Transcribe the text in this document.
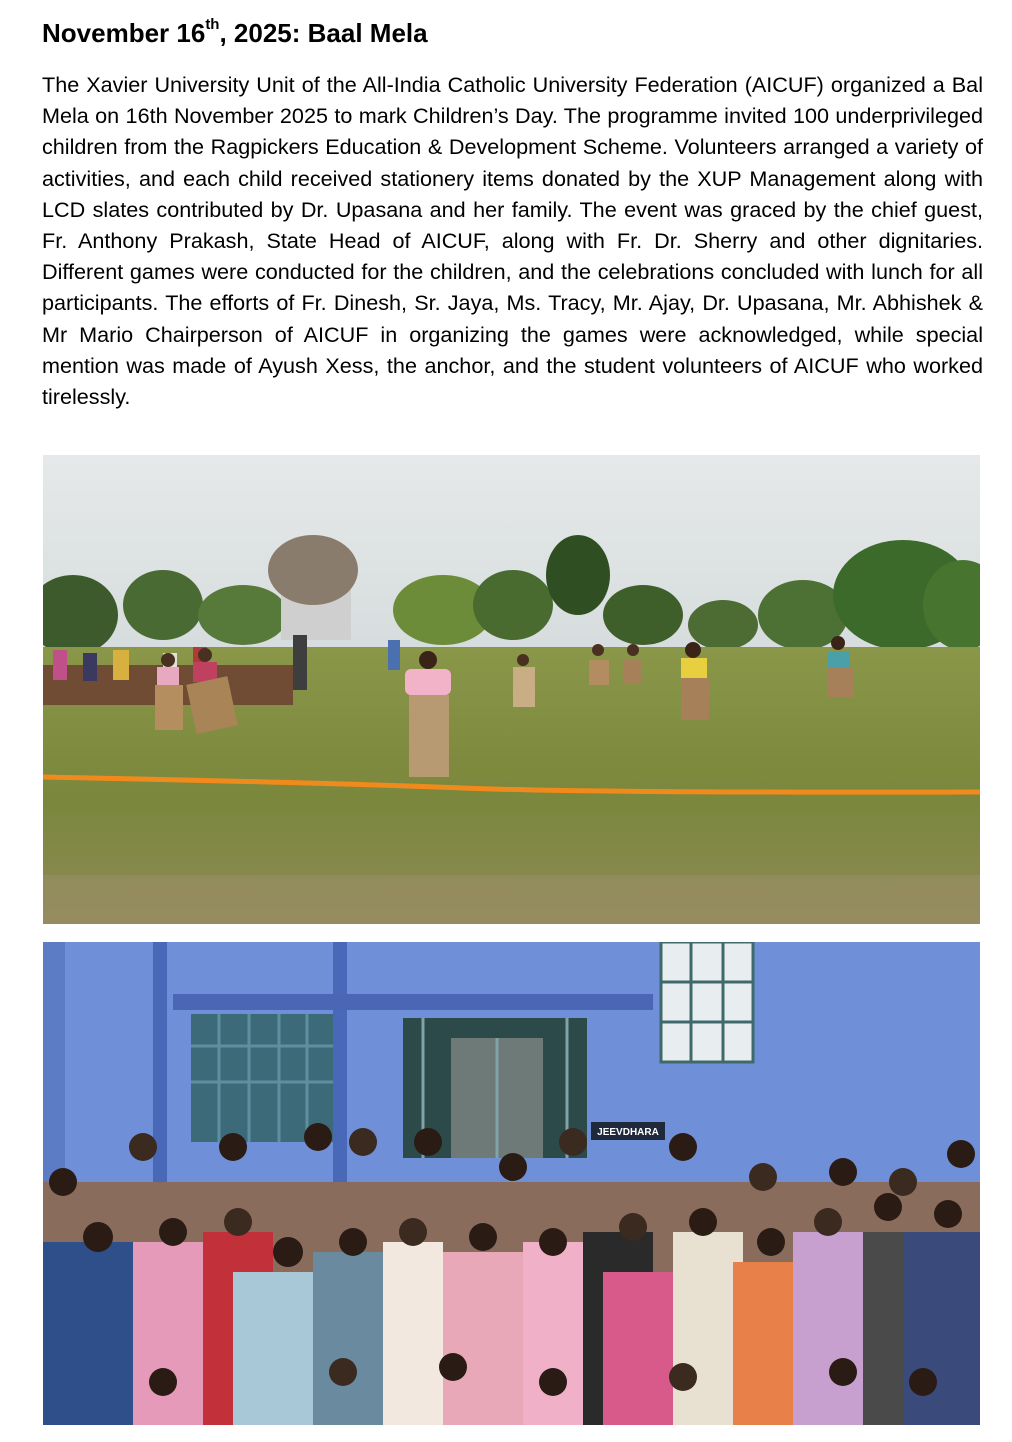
November 16th, 2025: Baal Mela

The Xavier University Unit of the All-India Catholic University Federation (AICUF) organized a Bal Mela on 16th November 2025 to mark Children’s Day. The programme invited 100 underprivileged children from the Ragpickers Education & Development Scheme. Volunteers arranged a variety of activities, and each child received stationery items donated by the XUP Management along with LCD slates contributed by Dr. Upasana and her family. The event was graced by the chief guest, Fr. Anthony Prakash, State Head of AICUF, along with Fr. Dr. Sherry and other dignitaries. Different games were conducted for the children, and the celebrations concluded with lunch for all participants. The efforts of Fr. Dinesh, Sr. Jaya, Ms. Tracy, Mr. Ajay, Dr. Upasana, Mr. Abhishek & Mr Mario Chairperson of AICUF in organizing the games were acknowledged, while special mention was made of Ayush Xess, the anchor, and the student volunteers of AICUF who worked tirelessly.

JEEVDHARA
